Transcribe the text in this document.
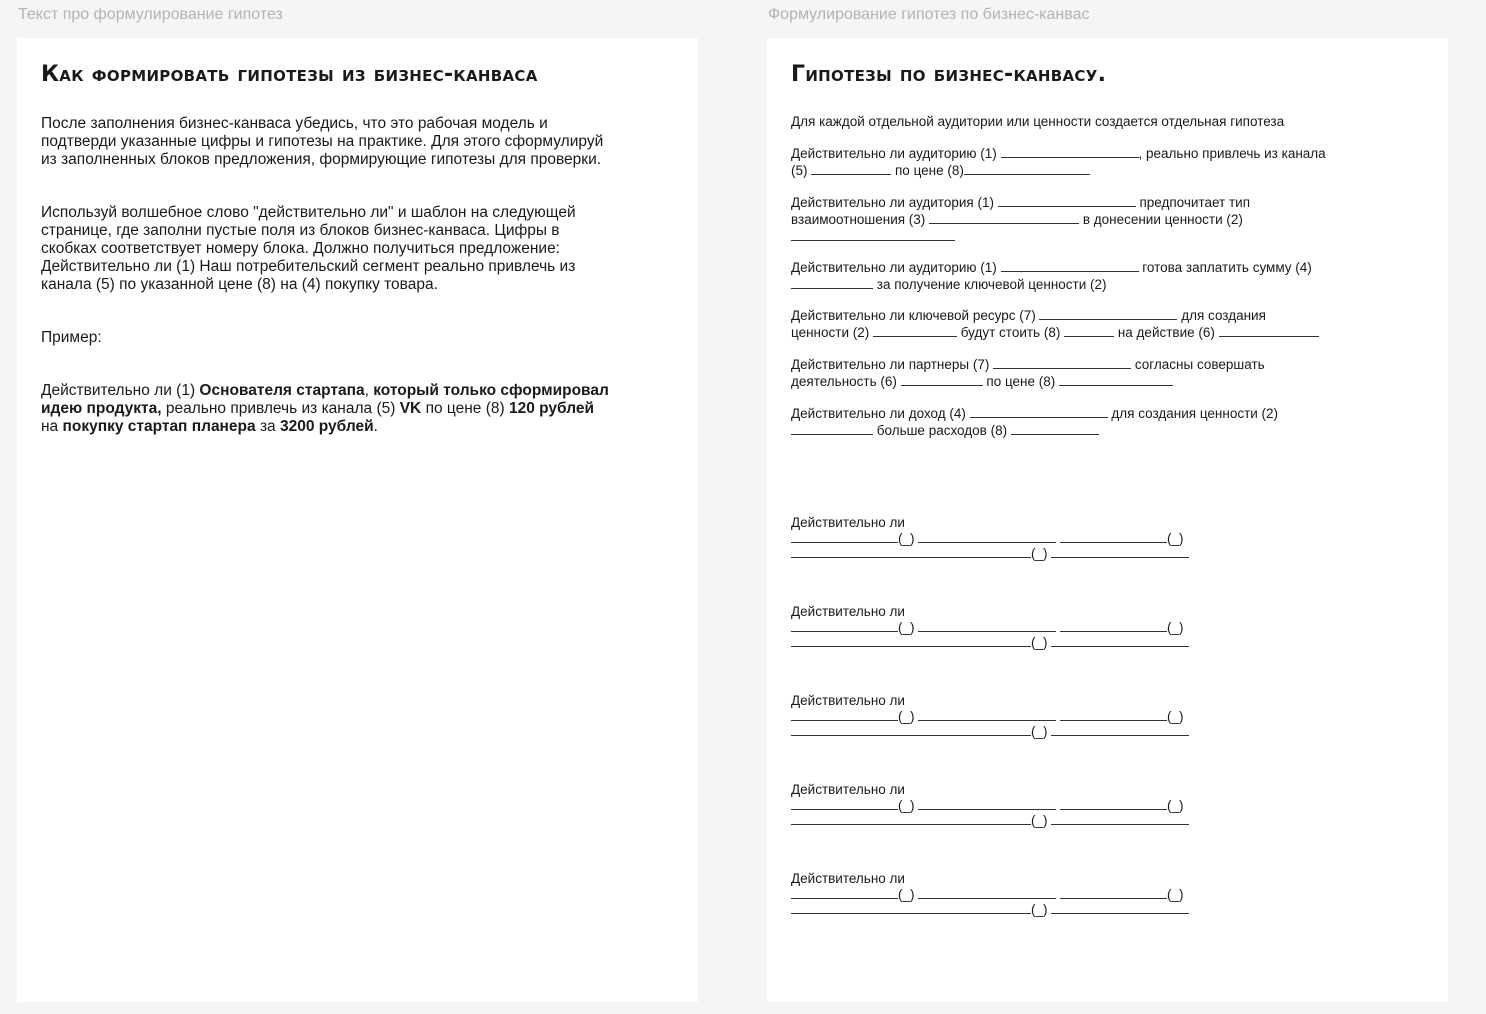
Текст про формулирование гипотез	Формулирование гипотез по бизнес-канвас
Как формировать гипотезы из бизнес-канваса

После заполнения бизнес-канваса убедись, что это рабочая модель и подтверди указанные цифры и гипотезы на практике. Для этого сформулируй из заполненных блоков предложения, формирующие гипотезы для проверки.

Используй волшебное слово "действительно ли" и шаблон на следующей странице, где заполни пустые поля из блоков бизнес-канваса. Цифры в скобках соответствует номеру блока. Должно получиться предложение: Действительно ли (1) Наш потребительский сегмент реально привлечь из канала (5) по указанной цене (8) на (4) покупку товара.

Пример:

Действительно ли (1) Основателя стартапа, который только сформировал идею продукта, реально привлечь из канала (5) VK по цене (8) 120 рублей на покупку стартап планера за 3200 рублей.

Гипотезы по бизнес-канвасу.

Для каждой отдельной аудитории или ценности создается отдельная гипотеза

Действительно ли аудиторию (1)	, реально привлечь из канала
(5)	по цене (8)

Действительно ли аудитория (1)	предпочитает тип
взаимоотношения (3)	в донесении ценности (2)

Действительно ли аудиторию (1)	готова заплатить сумму (4)
за получение ключевой ценности (2)

Действительно ли ключевой ресурс (7)	для создания
ценности (2)	будут стоить (8)	на действие (6)

Действительно ли партнеры (7)	согласны совершать
деятельность (6)	по цене (8)

Действительно ли доход (4)	для создания ценности (2)
больше расходов (8)

Действительно ли
(_)	(_)
(_)
Действительно ли
(_)	(_)
(_)
Действительно ли
(_)	(_)
(_)
Действительно ли
(_)	(_)
(_)
Действительно ли
(_)	(_)
(_)
